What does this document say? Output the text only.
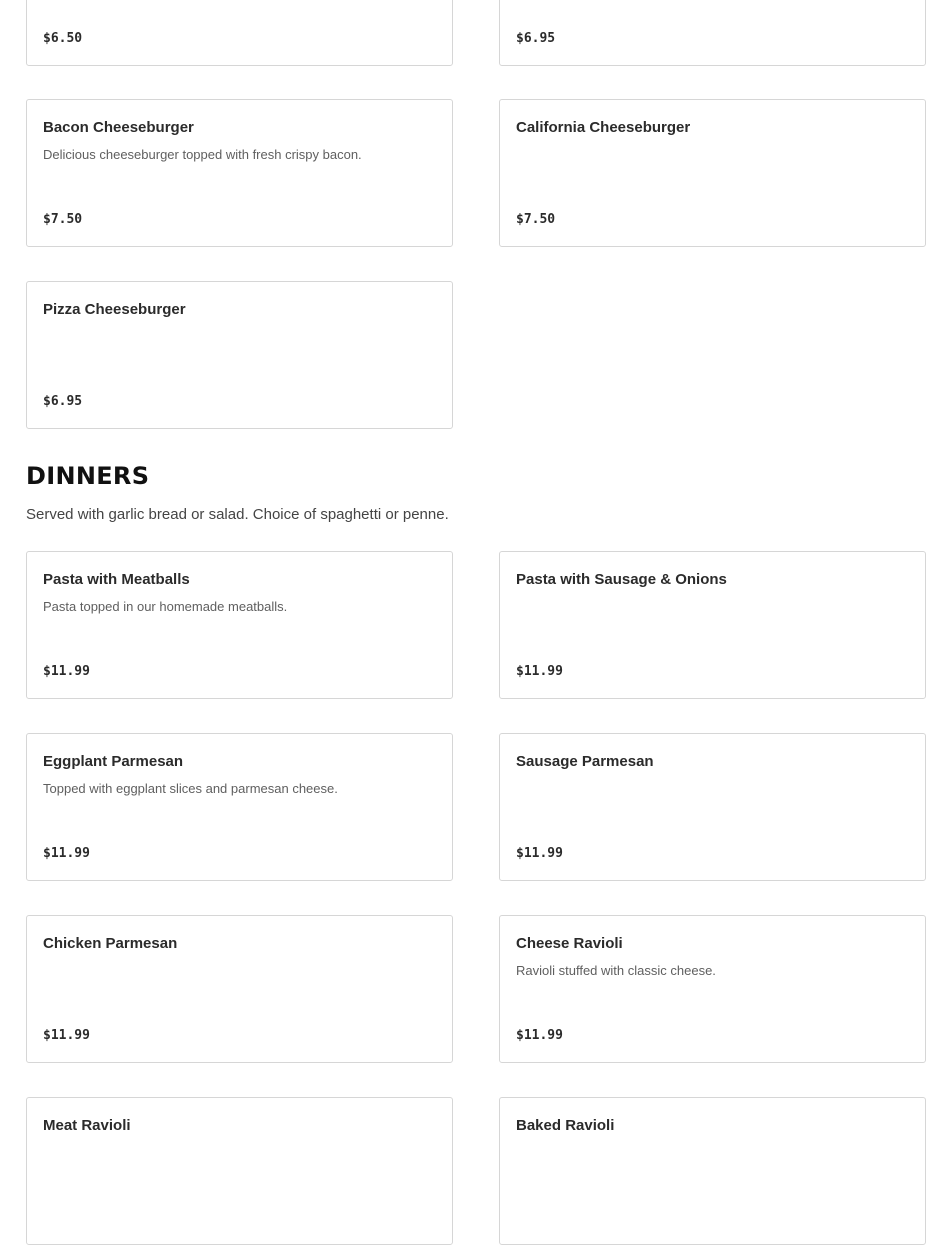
$6.50	$6.95
Bacon Cheeseburger
Delicious cheeseburger topped with fresh crispy bacon.
$7.50
California Cheeseburger
$7.50
Pizza Cheeseburger
$6.95
DINNERS

Served with garlic bread or salad. Choice of spaghetti or penne.

Pasta with Meatballs
Pasta topped in our homemade meatballs.
$11.99
Pasta with Sausage & Onions
$11.99
Eggplant Parmesan
Topped with eggplant slices and parmesan cheese.
$11.99
Sausage Parmesan
$11.99
Chicken Parmesan
$11.99
Cheese Ravioli
Ravioli stuffed with classic cheese.
$11.99
Meat Ravioli	Baked Ravioli
